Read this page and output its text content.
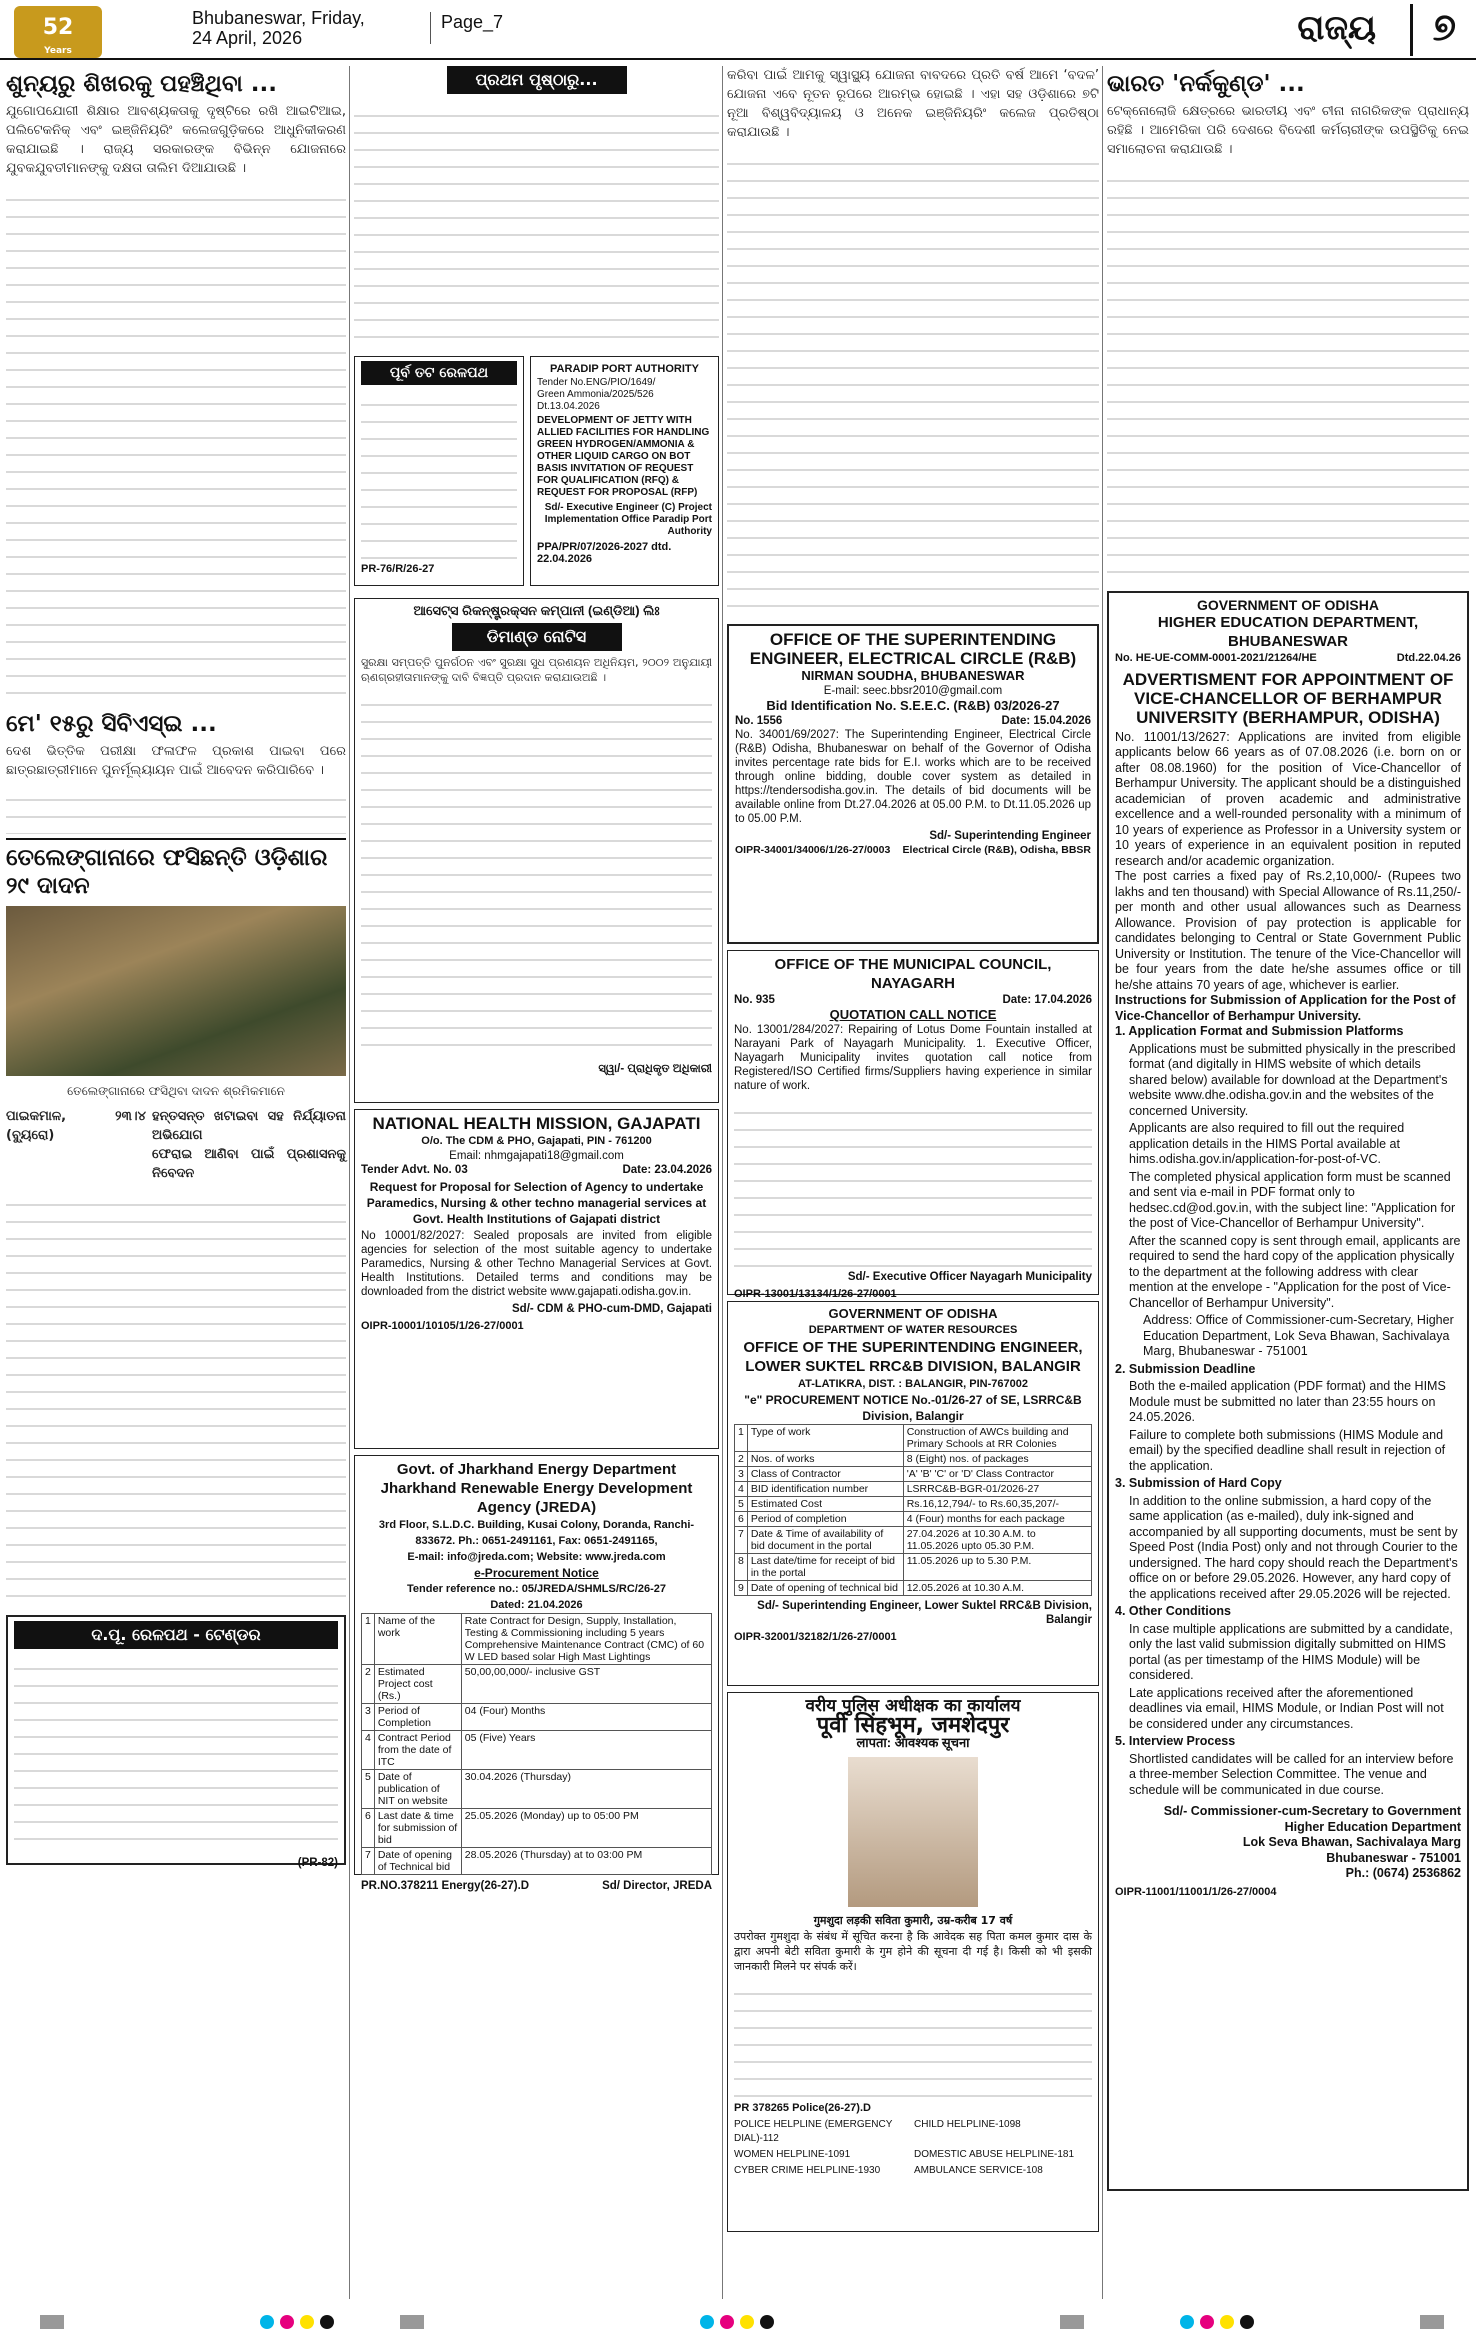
52
Years
Bhubaneswar, Friday,
24 April, 2026
Page_7	ରାଜ୍ୟ	୭
ଶୁନ୍ୟରୁ ଶିଖରକୁ ପହଞ୍ଚିଥିବା ...

ଯୁଗୋପଯୋଗୀ ଶିକ୍ଷାର ଆବଶ୍ୟକତାକୁ ଦୃଷ୍ଟିରେ ରଖି ଆଇଟିଆଇ, ପଲିଟେକନିକ୍ ଏବଂ ଇଞ୍ଜିନିୟରିଂ କଲେଜଗୁଡ଼ିକରେ ଆଧୁନିକୀକରଣ କରାଯାଇଛି । ରାଜ୍ୟ ସରକାରଙ୍କ ବିଭିନ୍ନ ଯୋଜନାରେ ଯୁବକଯୁବତୀମାନଙ୍କୁ ଦକ୍ଷତା ତାଲିମ ଦିଆଯାଉଛି ।

ମେ' ୧୫ରୁ ସିବିଏସ୍ଇ ...

ଦେଶ ଭିତ୍ତିକ ପରୀକ୍ଷା ଫଳାଫଳ ପ୍ରକାଶ ପାଇବା ପରେ ଛାତ୍ରଛାତ୍ରୀମାନେ ପୁନର୍ମୂଲ୍ୟାୟନ ପାଇଁ ଆବେଦନ କରିପାରିବେ ।

ତେଲେଙ୍ଗାନାରେ ଫସିଛନ୍ତି ଓଡ଼ିଶାର ୨୯ ଦାଦନ

ତେଲେଙ୍ଗାନାରେ ଫସିଥିବା ଦାଦନ ଶ୍ରମିକମାନେ

ପାଇକମାଳ, ୨୩।୪ (ବ୍ୟୁରୋ)

ହନ୍ତସନ୍ତ ଖଟାଇବା ସହ ନିର୍ଯ୍ୟାତନା ଅଭିଯୋଗ

ଫେରାଇ ଆଣିବା ପାଇଁ ପ୍ରଶାସନକୁ ନିବେଦନ

ଦ.ପୂ. ରେଳପଥ - ଟେଣ୍ଡର
(PR-82)
ପ୍ରଥମ ପୃଷ୍ଠାରୁ...
ପୂର୍ବ ତଟ ରେଳପଥ
PR-76/R/26-27
PARADIP PORT AUTHORITY
Tender No.ENG/PIO/1649/
Green Ammonia/2025/526 Dt.13.04.2026
DEVELOPMENT OF JETTY WITH ALLIED FACILITIES FOR HANDLING GREEN HYDROGEN/AMMONIA & OTHER LIQUID CARGO ON BOT BASIS INVITATION OF REQUEST FOR QUALIFICATION (RFQ) & REQUEST FOR PROPOSAL (RFP)
Sd/- Executive Engineer (C) Project Implementation Office Paradip Port Authority
PPA/PR/07/2026-2027 dtd. 22.04.2026
ଆସେଟ୍ସ ରିକନ୍ଷ୍ଟ୍ରକ୍ସନ କମ୍ପାନୀ (ଇଣ୍ଡିଆ) ଲିଃ
ଡିମାଣ୍ଡ ନୋଟିସ

ସୁରକ୍ଷା ସମ୍ପତ୍ତି ପୁନର୍ଗଠନ ଏବଂ ସୁରକ୍ଷା ସୁଧ ପ୍ରଣୟନ ଅଧିନିୟମ, ୨୦୦୨ ଅନୁଯାୟୀ ଋଣଗ୍ରହୀତାମାନଙ୍କୁ ଦାବି ବିଜ୍ଞପ୍ତି ପ୍ରଦାନ କରାଯାଉଅଛି ।

ସ୍ୱା/- ପ୍ରାଧିକୃତ ଅଧିକାରୀ
NATIONAL HEALTH MISSION, GAJAPATI
O/o. The CDM & PHO, Gajapati, PIN - 761200
Email: nhmgajapati18@gmail.com
Tender Advt. No. 03	Date: 23.04.2026
Request for Proposal for Selection of Agency to undertake Paramedics, Nursing & other techno managerial services at Govt. Health Institutions of Gajapati district
No 10001/82/2027: Sealed proposals are invited from eligible agencies for selection of the most suitable agency to undertake Paramedics, Nursing & other Techno Managerial Services at Govt. Health Institutions. Detailed terms and conditions may be downloaded from the district website www.gajapati.odisha.gov.in.
Sd/- CDM & PHO-cum-DMD, Gajapati
OIPR-10001/10105/1/26-27/0001
Govt. of Jharkhand Energy Department Jharkhand Renewable Energy Development Agency (JREDA)
3rd Floor, S.L.D.C. Building, Kusai Colony, Doranda, Ranchi-833672. Ph.: 0651-2491161, Fax: 0651-2491165,
E-mail: info@jreda.com; Website: www.jreda.com
e-Procurement Notice
Tender reference no.: 05/JREDA/SHMLS/RC/26-27
Dated: 21.04.2026
1	Name of the work	Rate Contract for Design, Supply, Installation, Testing & Commissioning including 5 years Comprehensive Maintenance Contract (CMC) of 60 W LED based solar High Mast Lightings
2	Estimated Project cost (Rs.)	50,00,00,000/- inclusive GST
3	Period of Completion	04 (Four) Months
4	Contract Period from the date of ITC	05 (Five) Years
5	Date of publication of NIT on website	30.04.2026 (Thursday)
6	Last date & time for submission of bid	25.05.2026 (Monday) up to 05:00 PM
7	Date of opening of Technical bid	28.05.2026 (Thursday) at to 03:00 PM
PR.NO.378211 Energy(26-27).D	Sd/ Director, JREDA

କରିବା ପାଇଁ ଆମକୁ ସ୍ୱାସ୍ଥ୍ୟ ଯୋଜନା ବାବଦରେ ପ୍ରତି ବର୍ଷ ଆମେ ‘ବଦଳ’ ଯୋଜନା ଏବେ ନୂତନ ରୂପରେ ଆରମ୍ଭ ହୋଇଛି । ଏହା ସହ ଓଡ଼ିଶାରେ ୭ଟି ନୂଆ ବିଶ୍ୱବିଦ୍ୟାଳୟ ଓ ଅନେକ ଇଞ୍ଜିନିୟରିଂ କଲେଜ ପ୍ରତିଷ୍ଠା କରାଯାଉଛି ।

OFFICE OF THE SUPERINTENDING ENGINEER, ELECTRICAL CIRCLE (R&B)
NIRMAN SOUDHA, BHUBANESWAR
E-mail: seec.bbsr2010@gmail.com
Bid Identification No. S.E.E.C. (R&B) 03/2026-27
No. 1556	Date: 15.04.2026
No. 34001/69/2027: The Superintending Engineer, Electrical Circle (R&B) Odisha, Bhubaneswar on behalf of the Governor of Odisha invites percentage rate bids for E.I. works which are to be received through online bidding, double cover system as detailed in https://tendersodisha.gov.in. The details of bid documents will be available online from Dt.27.04.2026 at 05.00 P.M. to Dt.11.05.2026 up to 05.00 P.M.
Sd/- Superintending Engineer
OIPR-34001/34006/1/26-27/0003 Electrical Circle (R&B), Odisha, BBSR
OFFICE OF THE MUNICIPAL COUNCIL, NAYAGARH
No. 935	Date: 17.04.2026
QUOTATION CALL NOTICE
No. 13001/284/2027: Repairing of Lotus Dome Fountain installed at Narayani Park of Nayagarh Municipality. 1. Executive Officer, Nayagarh Municipality invites quotation call notice from Registered/ISO Certified firms/Suppliers having experience in similar nature of work.
Sd/- Executive Officer Nayagarh Municipality
OIPR-13001/13134/1/26-27/0001
GOVERNMENT OF ODISHA
DEPARTMENT OF WATER RESOURCES
OFFICE OF THE SUPERINTENDING ENGINEER, LOWER SUKTEL RRC&B DIVISION, BALANGIR
AT-LATIKRA, DIST. : BALANGIR, PIN-767002
"e" PROCUREMENT NOTICE No.-01/26-27 of SE, LSRRC&B Division, Balangir
1	Type of work	Construction of AWCs building and Primary Schools at RR Colonies
2	Nos. of works	8 (Eight) nos. of packages
3	Class of Contractor	'A' 'B' 'C' or 'D' Class Contractor
4	BID identification number	LSRRC&B-BGR-01/2026-27
5	Estimated Cost	Rs.16,12,794/- to Rs.60,35,207/-
6	Period of completion	4 (Four) months for each package
7	Date & Time of availability of bid document in the portal	27.04.2026 at 10.30 A.M. to 11.05.2026 upto 05.30 P.M.
8	Last date/time for receipt of bid in the portal	11.05.2026 up to 5.30 P.M.
9	Date of opening of technical bid	12.05.2026 at 10.30 A.M.
Sd/- Superintending Engineer, Lower Suktel RRC&B Division, Balangir
OIPR-32001/32182/1/26-27/0001
वरीय पुलिस अधीक्षक का कार्यालय
पूर्वी सिंहभूम, जमशेदपुर
लापता: आवश्यक सूचना
गुमशुदा लड़की सविता कुमारी, उम्र-करीब 17 वर्ष

उपरोक्त गुमशुदा के संबंध में सूचित करना है कि आवेदक सह पिता कमल कुमार दास के द्वारा अपनी बेटी सविता कुमारी के गुम होने की सूचना दी गई है। किसी को भी इसकी जानकारी मिलने पर संपर्क करें।

PR 378265 Police(26-27).D
POLICE HELPLINE (EMERGENCY DIAL)-112
CHILD HELPLINE-1098
WOMEN HELPLINE-1091	DOMESTIC ABUSE HELPLINE-181
CYBER CRIME HELPLINE-1930	AMBULANCE SERVICE-108
ଭାରତ 'ନର୍କକୁଣ୍ଡ' ...

ଟେକ୍ନୋଲୋଜି କ୍ଷେତ୍ରରେ ଭାରତୀୟ ଏବଂ ଚୀନା ନାଗରିକଙ୍କ ପ୍ରାଧାନ୍ୟ ରହିଛି । ଆମେରିକା ପରି ଦେଶରେ ବିଦେଶୀ କର୍ମଚାରୀଙ୍କ ଉପସ୍ଥିତିକୁ ନେଇ ସମାଲୋଚନା କରାଯାଉଛି ।

GOVERNMENT OF ODISHA
HIGHER EDUCATION DEPARTMENT, BHUBANESWAR
No. HE-UE-COMM-0001-2021/21264/HE	Dtd.22.04.26
ADVERTISMENT FOR APPOINTMENT OF VICE-CHANCELLOR OF BERHAMPUR UNIVERSITY (BERHAMPUR, ODISHA)

No. 11001/13/2627: Applications are invited from eligible applicants below 66 years as of 07.08.2026 (i.e. born on or after 08.08.1960) for the position of Vice-Chancellor of Berhampur University. The applicant should be a distinguished academician of proven academic and administrative excellence and a well-rounded personality with a minimum of 10 years of experience as Professor in a University system or 10 years of experience in an equivalent position in reputed research and/or academic organization.

The post carries a fixed pay of Rs.2,10,000/- (Rupees two lakhs and ten thousand) with Special Allowance of Rs.11,250/- per month and other usual allowances such as Dearness Allowance. Provision of pay protection is applicable for candidates belonging to Central or State Government Public University or Institution. The tenure of the Vice-Chancellor will be four years from the date he/she assumes office or till he/she attains 70 years of age, whichever is earlier.

Instructions for Submission of Application for the Post of Vice-Chancellor of Berhampur University.

1. Application Format and Submission Platforms

Applications must be submitted physically in the prescribed format (and digitally in HIMS website of which details shared below) available for download at the Department's website www.dhe.odisha.gov.in and the websites of the concerned University.

Applicants are also required to fill out the required application details in the HIMS Portal available at hims.odisha.gov.in/application-for-post-of-VC.

The completed physical application form must be scanned and sent via e-mail in PDF format only to hedsec.cd@od.gov.in, with the subject line: "Application for the post of Vice-Chancellor of Berhampur University".

After the scanned copy is sent through email, applicants are required to send the hard copy of the application physically to the department at the following address with clear mention at the envelope - "Application for the post of Vice-Chancellor of Berhampur University".

Address: Office of Commissioner-cum-Secretary, Higher Education Department, Lok Seva Bhawan, Sachivalaya Marg, Bhubaneswar - 751001

2. Submission Deadline

Both the e-mailed application (PDF format) and the HIMS Module must be submitted no later than 23:55 hours on 24.05.2026.

Failure to complete both submissions (HIMS Module and email) by the specified deadline shall result in rejection of the application.

3. Submission of Hard Copy

In addition to the online submission, a hard copy of the same application (as e-mailed), duly ink-signed and accompanied by all supporting documents, must be sent by Speed Post (India Post) only and not through Courier to the undersigned. The hard copy should reach the Department's office on or before 29.05.2026. However, any hard copy of the applications received after 29.05.2026 will be rejected.

4. Other Conditions

In case multiple applications are submitted by a candidate, only the last valid submission digitally submitted on HIMS portal (as per timestamp of the HIMS Module) will be considered.

Late applications received after the aforementioned deadlines via email, HIMS Module, or Indian Post will not be considered under any circumstances.

5. Interview Process

Shortlisted candidates will be called for an interview before a three-member Selection Committee. The venue and schedule will be communicated in due course.

Sd/- Commissioner-cum-Secretary to Government
Higher Education Department
Lok Seva Bhawan, Sachivalaya Marg
Bhubaneswar - 751001
Ph.: (0674) 2536862
OIPR-11001/11001/1/26-27/0004
